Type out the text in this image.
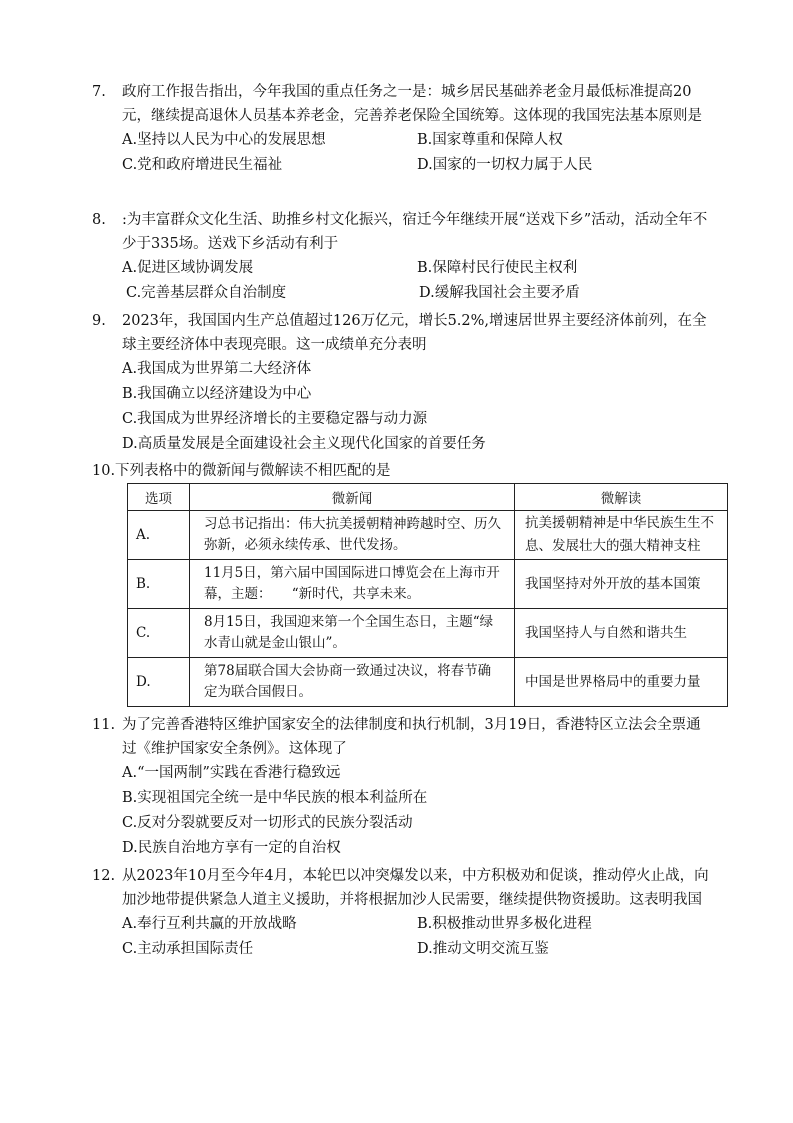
7. 政府工作报告指出，今年我国的重点任务之一是：城乡居民基础养老金月最低标准提高20元，继续提高退休人员基本养老金，完善养老保险全国统筹。这体现的我国宪法基本原则是
A.坚持以人民为中心的发展思想	B.国家尊重和保障人权
C.党和政府增进民生福祉	D.国家的一切权力属于人民
8. :为丰富群众文化生活、助推乡村文化振兴，宿迁今年继续开展“送戏下乡”活动，活动全年不少于335场。送戏下乡活动有利于
A.促进区域协调发展	B.保障村民行使民主权利
C.完善基层群众自治制度	D.缓解我国社会主要矛盾
9. 2023年，我国国内生产总值超过126万亿元，增长5.2%,增速居世界主要经济体前列，在全球主要经济体中表现亮眼。这一成绩单充分表明
A.我国成为世界第二大经济体
B.我国确立以经济建设为中心
C.我国成为世界经济增长的主要稳定器与动力源
D.高质量发展是全面建设社会主义现代化国家的首要任务
10.下列表格中的微新闻与微解读不相匹配的是
选项	微新闻	微解读
A.	习总书记指出：伟大抗美援朝精神跨越时空、历久弥新，必须永续传承、世代发扬。	抗美援朝精神是中华民族生生不息、发展壮大的强大精神支柱
B.	11月5日，第六届中国国际进口博览会在上海市开幕，主题：　　“新时代，共享未来。	我国坚持对外开放的基本国策
C.	8月15日，我国迎来第一个全国生态日，主题“绿水青山就是金山银山”。	我国坚持人与自然和谐共生
D.	第78届联合国大会协商一致通过决议，将春节确定为联合国假日。	中国是世界格局中的重要力量
11. 为了完善香港特区维护国家安全的法律制度和执行机制，3月19日，香港特区立法会全票通过《维护国家安全条例》。这体现了
A.“一国两制”实践在香港行稳致远
B.实现祖国完全统一是中华民族的根本利益所在
C.反对分裂就要反对一切形式的民族分裂活动
D.民族自治地方享有一定的自治权
12. 从2023年10月至今年4月，本轮巴以冲突爆发以来，中方积极劝和促谈，推动停火止战，向加沙地带提供紧急人道主义援助，并将根据加沙人民需要，继续提供物资援助。这表明我国
A.奉行互利共赢的开放战略	B.积极推动世界多极化进程
C.主动承担国际责任	D.推动文明交流互鉴
